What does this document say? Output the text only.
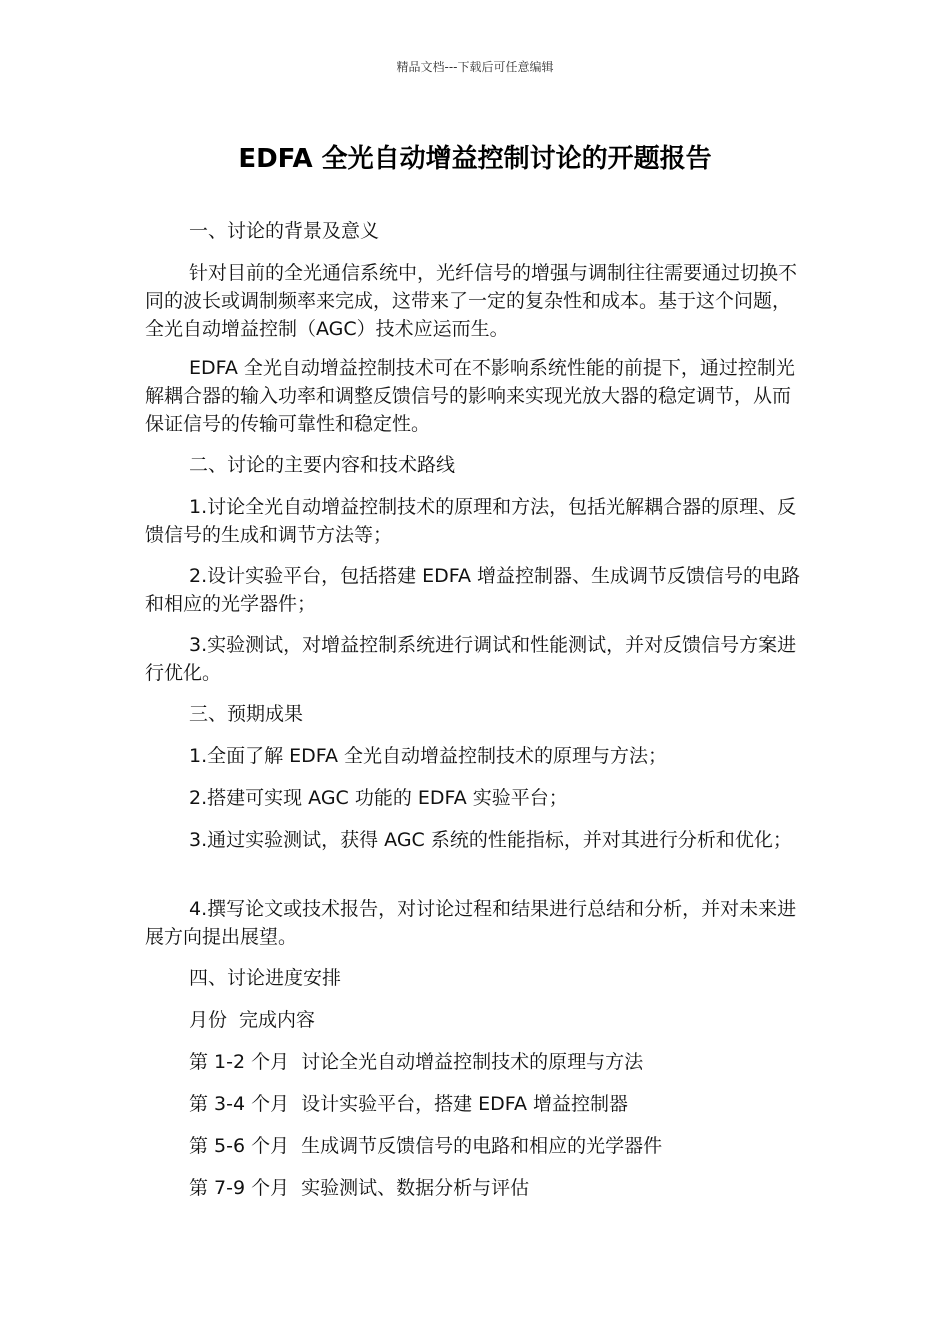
精品文档---下载后可任意编辑
EDFA 全光自动增益控制讨论的开题报告
一、讨论的背景及意义
针对目前的全光通信系统中，光纤信号的增强与调制往往需要通过切换不同的波长或调制频率来完成，这带来了一定的复杂性和成本。基于这个问题，全光自动增益控制（AGC）技术应运而生。
EDFA 全光自动增益控制技术可在不影响系统性能的前提下，通过控制光解耦合器的输入功率和调整反馈信号的影响来实现光放大器的稳定调节，从而保证信号的传输可靠性和稳定性。
二、讨论的主要内容和技术路线
1.讨论全光自动增益控制技术的原理和方法，包括光解耦合器的原理、反馈信号的生成和调节方法等；
2.设计实验平台，包括搭建 EDFA 增益控制器、生成调节反馈信号的电路和相应的光学器件；
3.实验测试，对增益控制系统进行调试和性能测试，并对反馈信号方案进行优化。
三、预期成果
1.全面了解 EDFA 全光自动增益控制技术的原理与方法；
2.搭建可实现 AGC 功能的 EDFA 实验平台；
3.通过实验测试，获得 AGC 系统的性能指标，并对其进行分析和优化；
4.撰写论文或技术报告，对讨论过程和结果进行总结和分析，并对未来进展方向提出展望。
四、讨论进度安排
月份 完成内容
第 1-2 个月 讨论全光自动增益控制技术的原理与方法
第 3-4 个月 设计实验平台，搭建 EDFA 增益控制器
第 5-6 个月 生成调节反馈信号的电路和相应的光学器件
第 7-9 个月 实验测试、数据分析与评估
